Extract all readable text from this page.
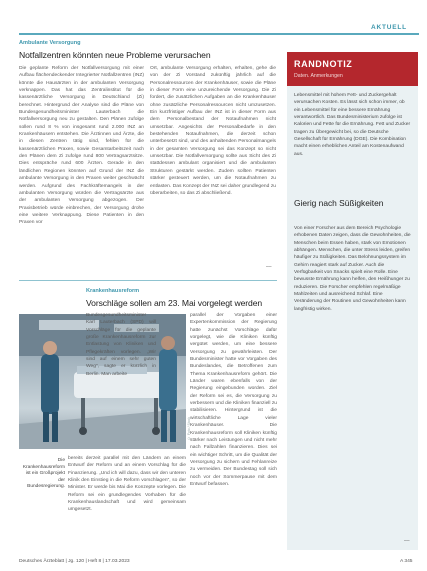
AKTUELL
Ambulante Versorgung
Notfallzentren könnten neue Probleme verursachen
Die geplante Reform der Notfallversorgung mit einer Aufbau flächendeckender Integrierter Notfallzentren (INZ) könnte die Hausärzten in der ambulanten Versorgung verknappen. Das hat das Zentralinstitut für die kassenärztliche Versorgung in Deutschland (Zi) berechnet. Hintergrund der Analyse sind die Pläne von Bundesgesundheitsminister Lauterbach die Notfallversorgung neu zu gestalten. Den Plänen zufolge sollen rund 8 % von insgesamt rund 2.000 INZ an Krankenhäusern entstehen. Die Ärztinnen und Ärzte, die in diesen Zentren tätig sind, fehlen für die kassenärztlichen Praxen, sowie Gesamtarbeitszeit nach den Plänen dem Zi zufolge rund 800 Vertragsarztsitze. Dies entspräche rund 600 Ärzten. Gerade in den ländlichen Regionen könnten auf Grund der INZ die ambulante Versorgung in den Praxen weiter geschwächt werden. Aufgrund des Fachkräftemangels in der ambulanten Versorgung würden die Vertragsärzte aus der ambulanten Versorgung abgezogen. Der Praxisbetrieb würde einbrechen, der Versorgung drohe eine weitere Verknappung. Diese Patienten in den Praxen vor
Ort, ambulante Versorgung erhalten, erhalten, gehe die von der Zi Vorstand zukünftig jährlich auf die Personalressourcen der Krankenhäuser, sowie die Pläne in dieser Form eine unzureichende Versorgung. Die Zi fordert, die zusätzlichen Aufgaben an die Krankenhäuser ohne zusätzliche Personalressourcen nicht umzusetzen. Ein kurzfristiger Aufbau der INZ ist in dieser Form aus dem Personalbestand der Notaufnahmen nicht umsetzbar. Angesichts der Personalbedarfe in den bestehenden Notaufnahmen, die derzeit schon unterbesetzt sind, und des anhaltenden Personalmangels in der gesamten Versorgung sei das Konzept so nicht umsetzbar. Die Notfallversorgung sollte aus Sicht des Zi stattdessen ambulant organisiert und die ambulanten Strukturen gestärkt werden. Zudem sollten Patienten stärker gesteuert werden, um die Notaufnahmen zu entlasten. Das Konzept der INZ sei daher grundlegend zu überarbeiten, so das Zi abschließend.
––
Krankenhausreform
Vorschläge sollen am 23. Mai vorgelegt werden
© Foto / Stock
Die Krankenhausreform ist ein Großprojekt der Bundesregierung.
Bundesgesundheitsminister Karl Lauterbach (SPD) will Vorschläge für die geplante große Krankenhausreform zur Entlastung von Kliniken und Pflegekräften vorlegen. „Wir sind auf einem sehr guten Weg“, sagte er kürzlich in Berlin. Man arbeite
parallel der Vorgaben einer Expertenkommission der Regierung hatte zunächst Vorschläge dafür vorgelegt, wie die Kliniken künftig vergütet werden, um eine bessere Versorgung zu gewährleisten. Der Bundesminister hatte vor Vorgaben des Bundeslandes, die Betroffenen zum Thema Krankenhausreform gehört. Die Länder waren ebenfalls von der Regierung eingebunden worden. Ziel der Reform sei es, die Versorgung zu verbessern und die Kliniken finanziell zu stabilisieren. Hintergrund ist die wirtschaftliche Lage vieler Krankenhäuser. Die Krankenhausreform soll Kliniken künftig stärker nach Leistungen und nicht mehr nach Fallzahlen finanzieren. Dies sei ein wichtiger Schritt, um die Qualität der Versorgung zu sichern und Fehlanreize zu vermeiden. Der Bundestag soll sich noch vor der Sommerpause mit dem Entwurf befassen.
bereits derzeit parallel mit den Ländern an einem Entwurf der Reform und an einem Vorschlag für die Finanzierung. „Und ich will dazu, dass wir den unteren Klinik den Einstieg in die Reform vorschlagen“, so der Minister. Er werde bis Mai die Konzepte vorlegen. Die Reform sei ein grundlegendes Vorhaben für die Krankenhauslandschaft und wird gemeinsam umgesetzt.
RANDNOTIZ
Daten. Anmerkungen
Lebensmittel mit hohem Fett- und Zuckergehalt verursachen Kosten. Es lässt sich schon immer, ob ein Lebensmittel für eine bessere Ernährung verantwortlich. Das Bundesministerium zufolge ist Kalorien und Fette für die Ernährung. Fett und Zucker tragen zu Übergewicht bei, so die Deutsche Gesellschaft für Ernährung (DGE). Die Kombination macht einen erheblichen Anteil am Kostenaufwand aus.
Gierig nach Süßigkeiten
Von einer Forscher aus dem Bereich Psychologie erhobenen Daten zeigen, dass die Gewohnheiten, die Menschen beim Essen haben, stark von Emotionen abhängen. Menschen, die unter Stress leiden, greifen häufiger zu Süßigkeiten. Das Belohnungssystem im Gehirn reagiert stark auf Zucker. Auch die Verfügbarkeit von Snacks spielt eine Rolle. Eine bewusste Ernährung kann helfen, den Heißhunger zu reduzieren. Die Forscher empfehlen regelmäßige Mahlzeiten und ausreichend Schlaf. Eine Veränderung der Routinen und Gewohnheiten kann langfristig wirken.
––
Deutsches Ärzteblatt | Jg. 120 | Heft 8 | 17.03.2023	A 345
